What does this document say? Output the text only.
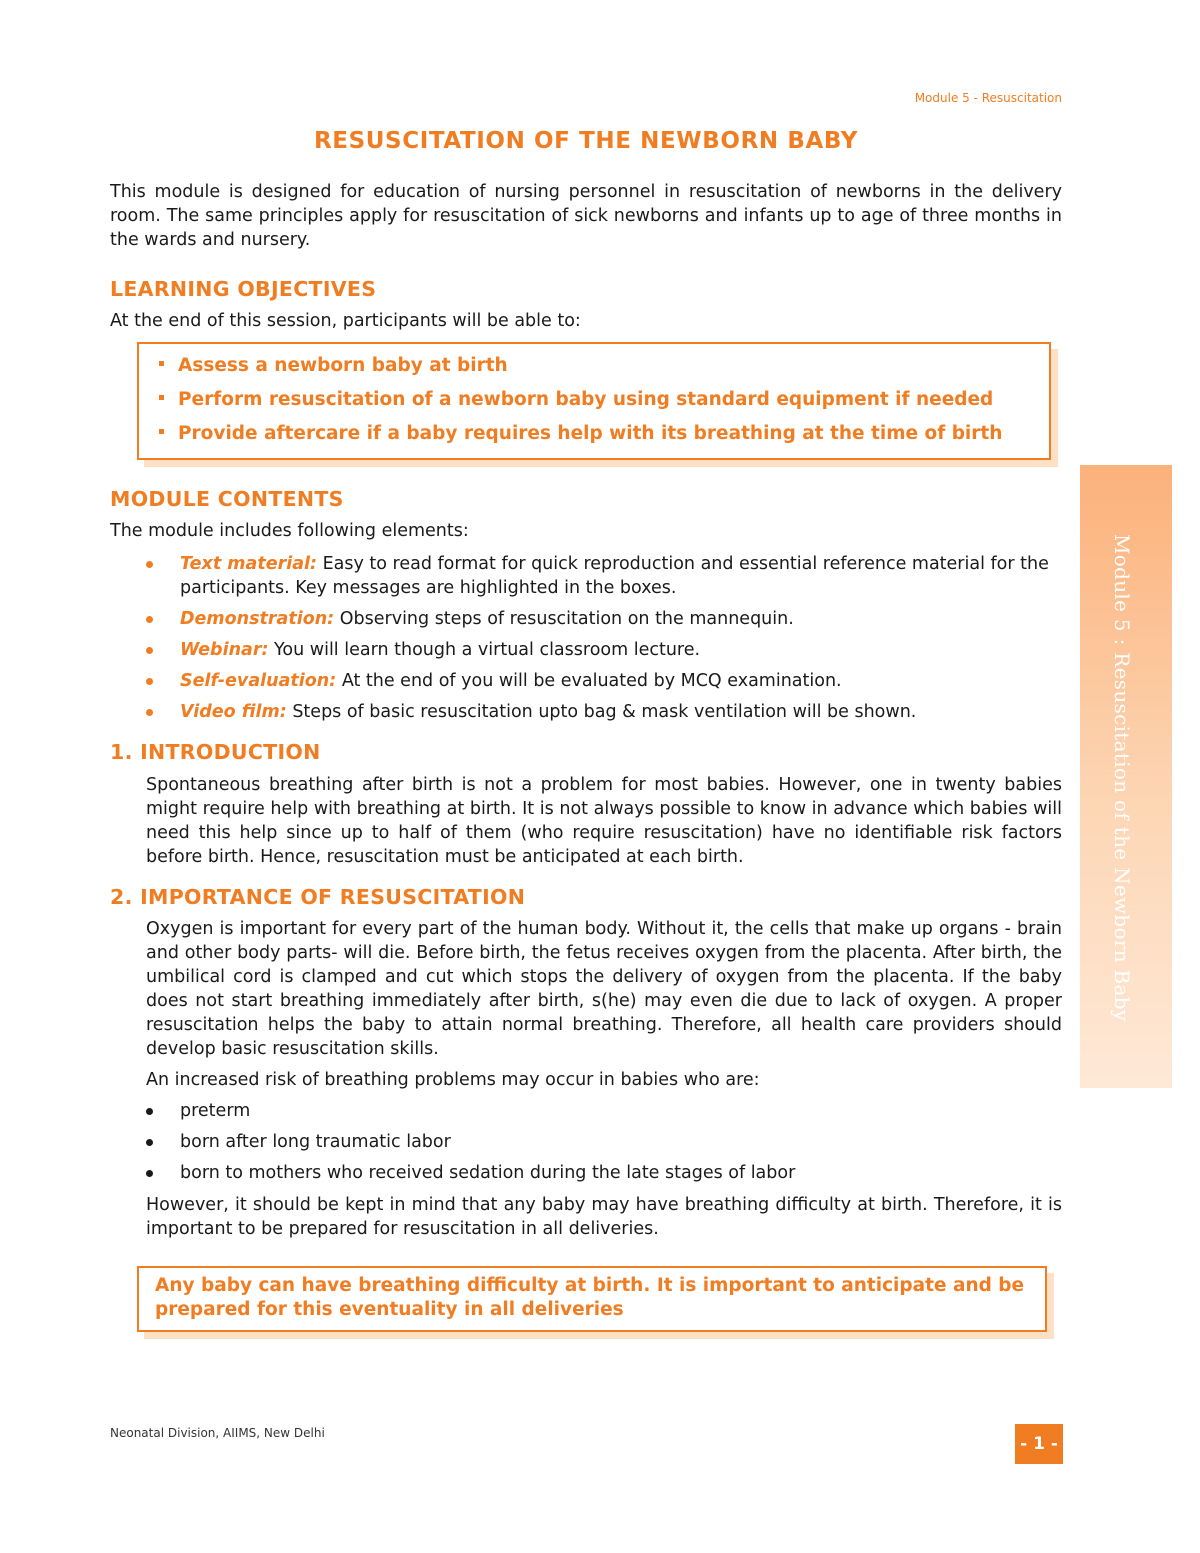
Module 5 - Resuscitation
RESUSCITATION OF THE NEWBORN BABY
This module is designed for education of nursing personnel in resuscitation of newborns in the delivery room. The same principles apply for resuscitation of sick newborns and infants up to age of three months in the wards and nursery.
LEARNING OBJECTIVES
At the end of this session, participants will be able to:
Assess a newborn baby at birth
Perform resuscitation of a newborn baby using standard equipment if needed
Provide aftercare if a baby requires help with its breathing at the time of birth
MODULE CONTENTS
The module includes following elements:
Text material: Easy to read format for quick reproduction and essential reference material for the participants. Key messages are highlighted in the boxes.
Demonstration: Observing steps of resuscitation on the mannequin.
Webinar: You will learn though a virtual classroom lecture.
Self-evaluation: At the end of you will be evaluated by MCQ examination.
Video film: Steps of basic resuscitation upto bag & mask ventilation will be shown.
1. INTRODUCTION
Spontaneous breathing after birth is not a problem for most babies. However, one in twenty babies might require help with breathing at birth. It is not always possible to know in advance which babies will need this help since up to half of them (who require resuscitation) have no identifiable risk factors before birth. Hence, resuscitation must be anticipated at each birth.
2. IMPORTANCE OF RESUSCITATION
Oxygen is important for every part of the human body. Without it, the cells that make up organs - brain and other body parts- will die. Before birth, the fetus receives oxygen from the placenta. After birth, the umbilical cord is clamped and cut which stops the delivery of oxygen from the placenta. If the baby does not start breathing immediately after birth, s(he) may even die due to lack of oxygen. A proper resuscitation helps the baby to attain normal breathing. Therefore, all health care providers should develop basic resuscitation skills.
An increased risk of breathing problems may occur in babies who are:
preterm
born after long traumatic labor
born to mothers who received sedation during the late stages of labor
However, it should be kept in mind that any baby may have breathing difficulty at birth. Therefore, it is important to be prepared for resuscitation in all deliveries.
Any baby can have breathing difficulty at birth. It is important to anticipate and be prepared for this eventuality in all deliveries
Module 5 : Resuscitation of the Newborn Baby
Neonatal Division, AIIMS, New Delhi
- 1 -
